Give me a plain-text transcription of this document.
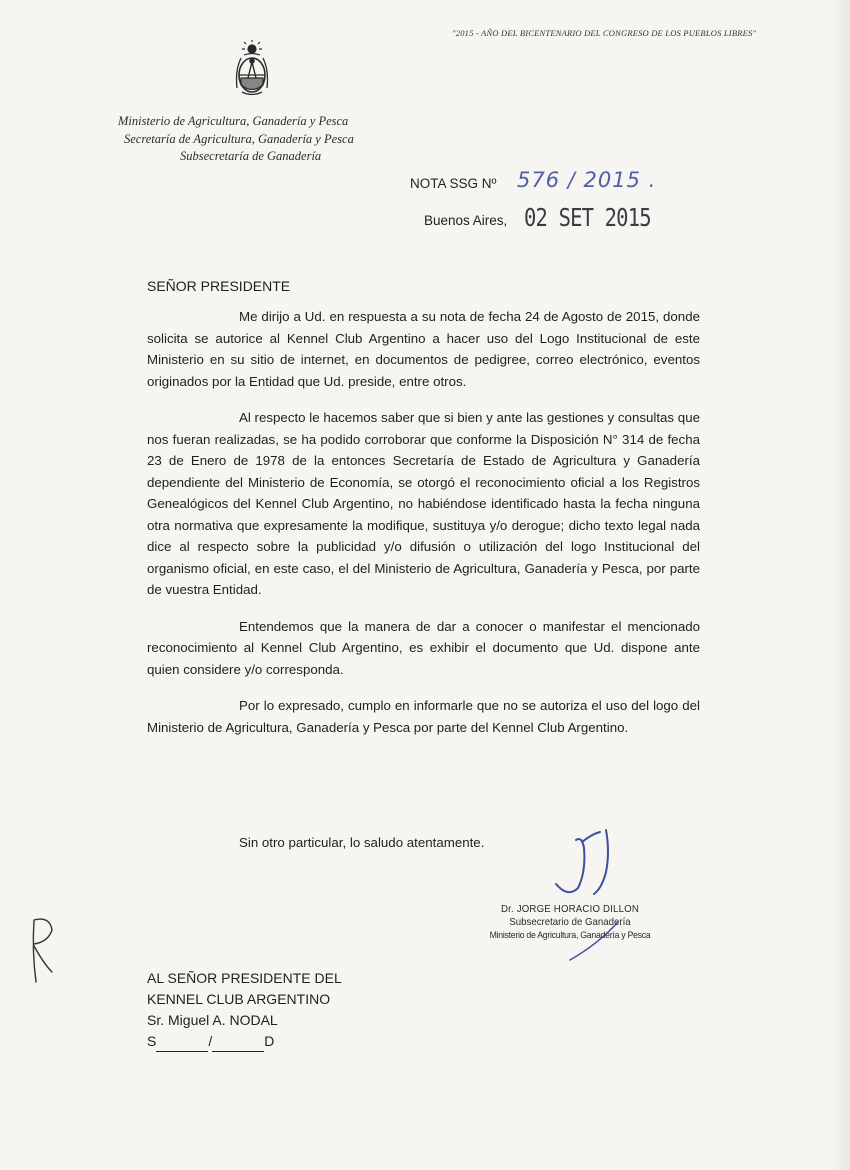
"2015 - AÑO DEL BICENTENARIO DEL CONGRESO DE LOS PUEBLOS LIBRES"
Ministerio de Agricultura, Ganadería y Pesca
Secretaría de Agricultura, Ganadería y Pesca
Subsecretaría de Ganadería
NOTA SSG Nº 576 / 2015 .
Buenos Aires, 02 SET 2015
SEÑOR PRESIDENTE

Me dirijo a Ud. en respuesta a su nota de fecha 24 de Agosto de 2015, donde solicita se autorice al Kennel Club Argentino a hacer uso del Logo Institucional de este Ministerio en su sitio de internet, en documentos de pedigree, correo electrónico, eventos originados por la Entidad que Ud. preside, entre otros.

Al respecto le hacemos saber que si bien y ante las gestiones y consultas que nos fueran realizadas, se ha podido corroborar que conforme la Disposición N° 314 de fecha 23 de Enero de 1978 de la entonces Secretaría de Estado de Agricultura y Ganadería dependiente del Ministerio de Economía, se otorgó el reconocimiento oficial a los Registros Genealógicos del Kennel Club Argentino, no habiéndose identificado hasta la fecha ninguna otra normativa que expresamente la modifique, sustituya y/o derogue; dicho texto legal nada dice al respecto sobre la publicidad y/o difusión o utilización del logo Institucional del organismo oficial, en este caso, el del Ministerio de Agricultura, Ganadería y Pesca, por parte de vuestra Entidad.

Entendemos que la manera de dar a conocer o manifestar el mencionado reconocimiento al Kennel Club Argentino, es exhibir el documento que Ud. dispone ante quien considere y/o corresponda.

Por lo expresado, cumplo en informarle que no se autoriza el uso del logo del Ministerio de Agricultura, Ganadería y Pesca por parte del Kennel Club Argentino.

Sin otro particular, lo saludo atentamente.
Dr. JORGE HORACIO DILLON
Subsecretario de Ganadería
Ministerio de Agricultura, Ganadería y Pesca
AL SEÑOR PRESIDENTE DEL
KENNEL CLUB ARGENTINO
Sr. Miguel A. NODAL
S	/	D
